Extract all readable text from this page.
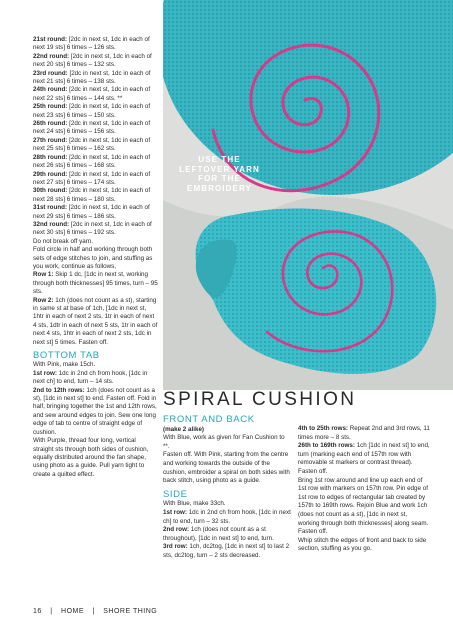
21st round: [2dc in next st, 1dc in each of next 19 sts] 6 times – 126 sts.
22nd round: [2dc in next st, 1dc in each of next 20 sts] 6 times – 132 sts.
23rd round: [2dc in next st, 1dc in each of next 21 sts] 6 times – 138 sts.
24th round: [2dc in next st, 1dc in each of next 22 sts] 6 times – 144 sts. **
25th round: [2dc in next st, 1dc in each of next 23 sts] 6 times – 150 sts.
26th round: [2dc in next st, 1dc in each of next 24 sts] 6 times – 156 sts.
27th round: [2dc in next st, 1dc in each of next 25 sts] 6 times – 162 sts.
28th round: [2dc in next st, 1dc in each of next 26 sts] 6 times – 168 sts.
29th round: [2dc in next st, 1dc in each of next 27 sts] 6 times – 174 sts.
30th round: [2dc in next st, 1dc in each of next 28 sts] 6 times – 180 sts.
31st round: [2dc in next st, 1dc in each of next 29 sts] 6 times – 186 sts.
32nd round: [2dc in next st, 1dc in each of next 30 sts] 6 times – 192 sts.
Do not break off yarn.
Fold circle in half and working through both sets of edge stitches to join, and stuffing as you work, continue as follows,
Row 1: Skip 1 dc, [1dc in next st, working through both thicknesses] 95 times, turn – 95 sts.
Row 2: 1ch (does not count as a st), starting in same st at base of 1ch, [1dc in next st, 1htr in each of next 2 sts, 1tr in each of next 4 sts, 1dtr in each of next 5 sts, 1tr in each of next 4 sts, 1htr in each of next 2 sts, 1dc in next st] 5 times. Fasten off.
BOTTOM TAB
With Pink, make 15ch.
1st row: 1dc in 2nd ch from hook, [1dc in next ch] to end, turn – 14 sts.
2nd to 12th rows: 1ch (does not count as a st), [1dc in next st] to end. Fasten off. Fold in half, bringing together the 1st and 12th rows, and sew around edges to join. Sew one long edge of tab to centre of straight edge of cushion.
With Purple, thread four long, vertical straight sts through both sides of cushion, equally distributed around the fan shape, using photo as a guide. Pull yarn tight to create a quilted effect.
USE THE LEFTOVER YARN FOR THE EMBROIDERY
SPIRAL CUSHION
FRONT AND BACK
(make 2 alike)
With Blue, work as given for Fan Cushion to **.
Fasten off. With Pink, starting from the centre and working towards the outside of the cushion, embroider a spiral on both sides with back stitch, using photo as a guide.
SIDE
With Blue, make 33ch.
1st row: 1dc in 2nd ch from hook, [1dc in next ch] to end, turn – 32 sts.
2nd row: 1ch (does not count as a st throughout), [1dc in next st] to end, turn.
3rd row: 1ch, dc2tog, [1dc in next st] to last 2 sts, dc2tog, turn – 2 sts decreased.
4th to 25th rows: Repeat 2nd and 3rd rows, 11 times more – 8 sts.
26th to 169th rows: 1ch [1dc in next st] to end, turn (marking each end of 157th row with removable st markers or contrast thread).
Fasten off.
Bring 1st row around and line up each end of 1st row with markers on 157th row. Pin edge of 1st row to edges of rectangular tab created by 157th to 169th rows. Rejoin Blue and work 1ch (does not count as a st), [1dc in next st, working through both thicknesses] along seam. Fasten off.
Whip stitch the edges of front and back to side section, stuffing as you go.
16 | HOME | SHORE THING
